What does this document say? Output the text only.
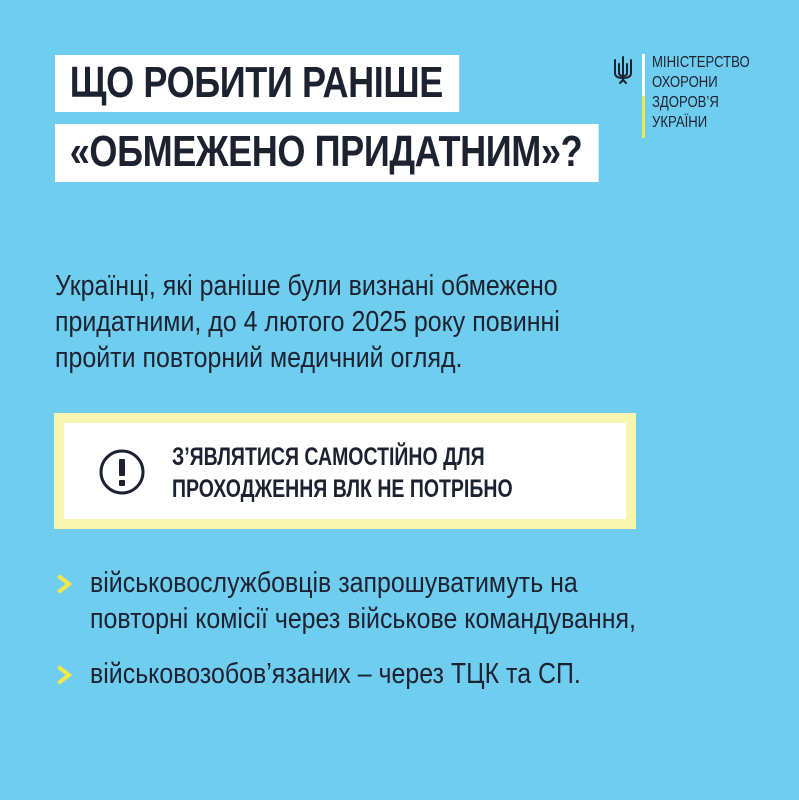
ЩО РОБИТИ РАНІШЕ
«ОБМЕЖЕНО ПРИДАТНИМ»?
МІНІСТЕРСТВО
ОХОРОНИ
ЗДОРОВ’Я
УКРАЇНИ
Українці, які раніше були визнані обмежено
придатними, до 4 лютого 2025 року повинні
пройти повторний медичний огляд.
З’ЯВЛЯТИСЯ САМОСТІЙНО ДЛЯ
ПРОХОДЖЕННЯ ВЛК НЕ ПОТРІБНО
військовослужбовців запрошуватимуть на
повторні комісії через військове командування,
військовозобов’язаних – через ТЦК та СП.
